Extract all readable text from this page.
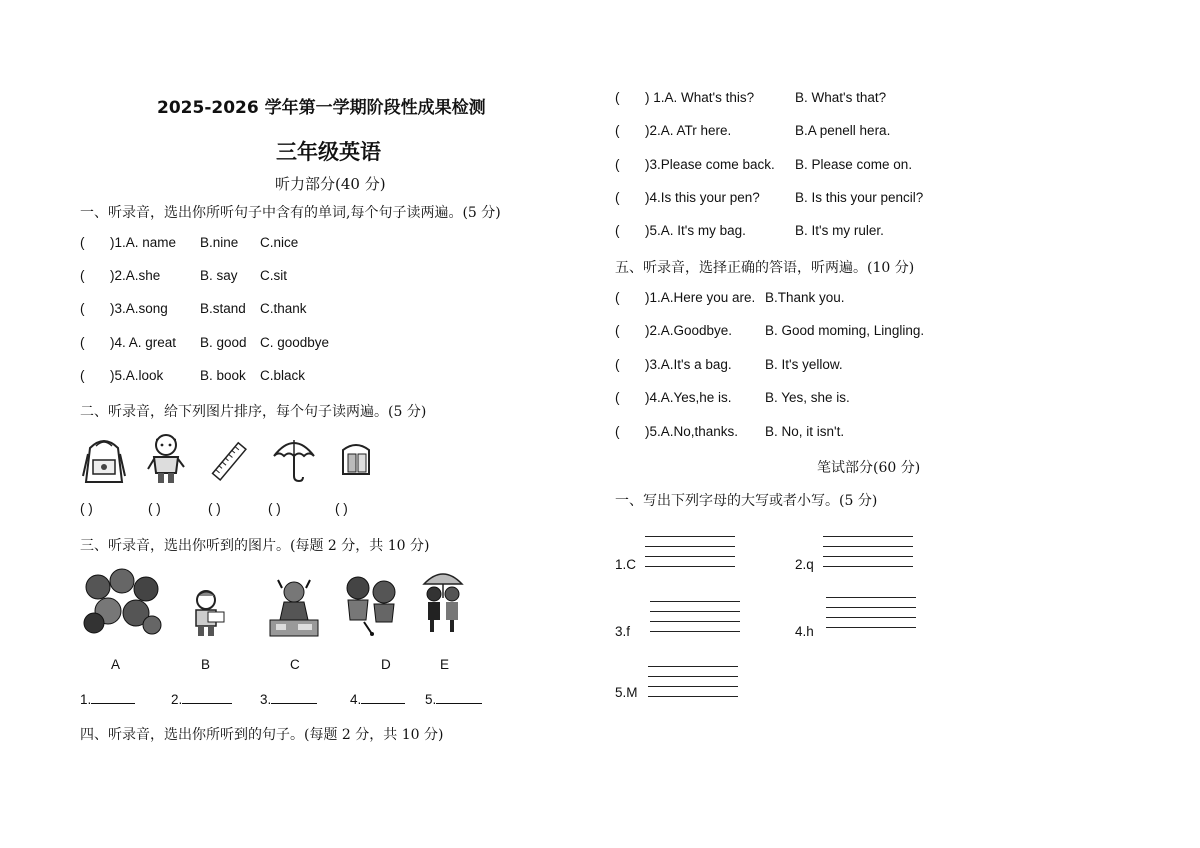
2025-2026 学年第一学期阶段性成果检测
三年级英语
听力部分(40 分)
一、听录音，选出你所听句子中含有的单词,每个句子读两遍。(5 分)
( )1.A. name B.nine C.nice
( )2.A.she	B. say C.sit
( )3.A.song B.stand C.thank
( )4. A. great B. good C. goodbye
( )5.A.look	B. book C.black
二、听录音，给下列图片排序，每个句子读两遍。(5 分)
( )	( )	( )	( )	( )
三、听录音，选出你听到的图片。(每题 2 分，共 10 分)
A	B	C	D	E
1.	2.	3.	4.	5.
四、听录音，选出你所听到的句子。(每题 2 分，共 10 分)
( ) 1.A. What's this?	B. What's that?
( )2.A. ATr here.	B.A penell hera.
( )3.Please come back. B. Please come on.
( )4.Is this your pen?	B. Is this your pencil?
( )5.A. It's my bag.	B. It's my ruler.
五、听录音，选择正确的答语，听两遍。(10 分)
( )1.A.Here you are. B.Thank you.
( )2.A.Goodbye. B. Good moming, Lingling.
( )3.A.It's a bag. B. It's yellow.
( )4.A.Yes,he is. B. Yes, she is.
( )5.A.No,thanks. B. No, it isn't.
笔试部分(60 分)
一、写出下列字母的大写或者小写。(5 分)
1.C	2.q
3.f	4.h
5.M
